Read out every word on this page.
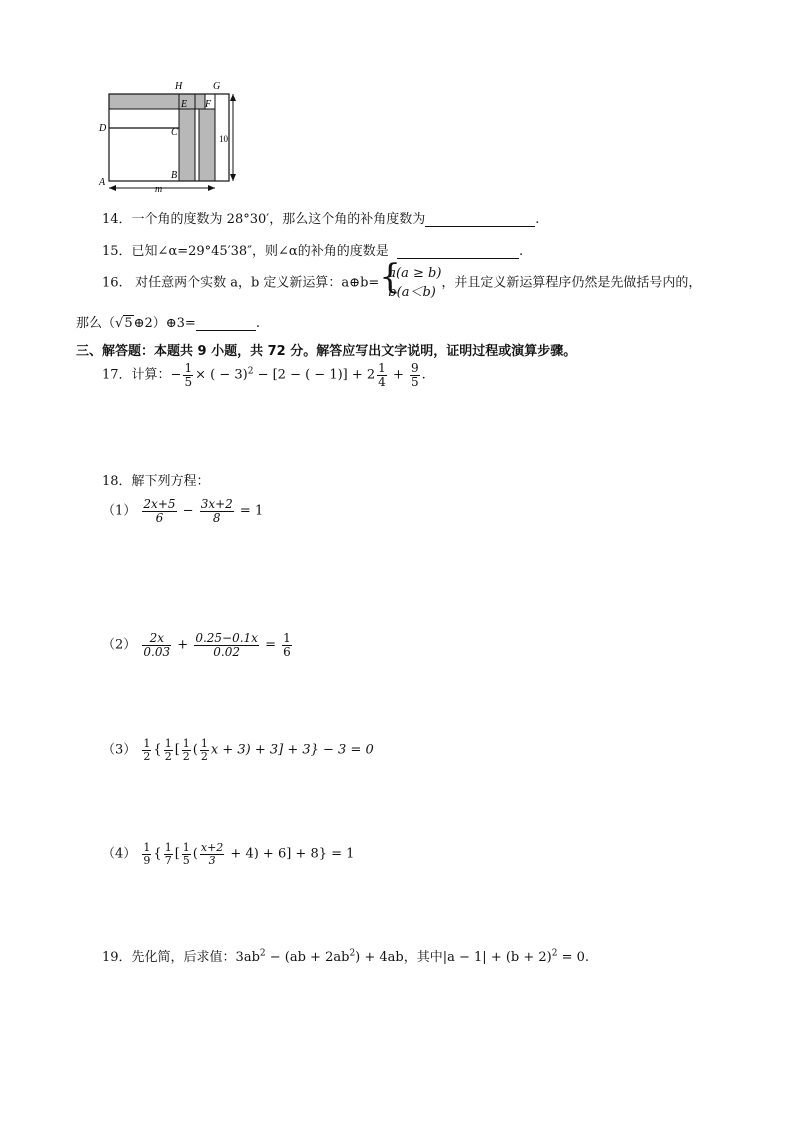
H	G
E F
D	C
A
B
m
10
14．一个角的度数为 28°30′，那么这个角的补角度数为	.
15．已知∠α=29°45′38″，则∠α的补角的度数是	.
16. 对任意两个实数 a，b 定义新运算：a⊕b= {
a(a ≥ b)
b(a＜b)
，并且定义新运算程序仍然是先做括号内的，
那么（√5⊕2）⊕3=	.
三、解答题：本题共 9 小题，共 72 分。解答应写出文字说明，证明过程或演算步骤。
17．计算：− $\frac{1}{5}$ × ( − 3)$^2$ − [2 − ( − $1)] + 2 \frac{1}{4} + \frac{9}{5}$ .
18．解下列方程：
$(1) \frac{2x+5}{6} - \frac{3x+2}{8} = 1$
$(2) \frac{2x}{0.03} + \frac{0.25-0.1x}{0.02} = \frac{1}{6}$
$(3) \frac{1}{2}$ { $\frac{1}{2}$ [ $\frac{1}{2}$ ( $\frac{1}{2}$ x + 3) + 3] + 3} − 3 = 0
$(4) \frac{1}{9}$ { $\frac{1}{7}$ [ $\frac{1}{5}$ ( $\frac{x+2}{3} + 4) + 6] + 8\} = 1$
19．先化简，后求值：$3ab^2 - (ab + 2ab^2) + 4ab$，其中$|a - 1| + (b + 2)^2 = 0$.
